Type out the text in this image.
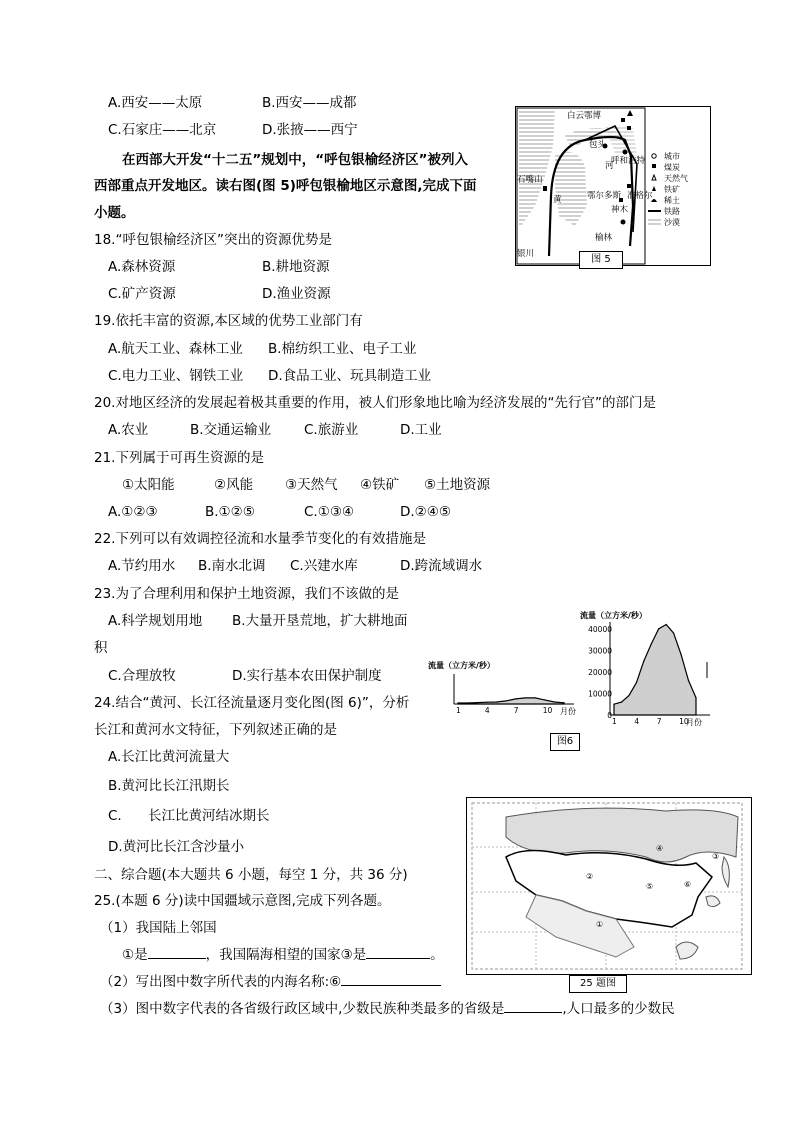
A.西安——太原	B.西安——成都
C.石家庄——北京	D.张掖——西宁
在西部大开发“十二五”规划中，“呼包银榆经济区”被列入
西部重点开发地区。读右图(图 5)呼包银榆地区示意图,完成下面
小题。
18.“呼包银榆经济区”突出的资源优势是
A.森林资源	B.耕地资源
C.矿产资源	D.渔业资源
19.依托丰富的资源,本区域的优势工业部门有
A.航天工业、森林工业 B.棉纺织工业、电子工业
C.电力工业、钢铁工业 D.食品工业、玩具制造工业
20.对地区经济的发展起着极其重要的作用，被人们形象地比喻为经济发展的“先行官”的部门是
A.农业	B.交通运输业 C.旅游业	D.工业
21.下列属于可再生资源的是
①太阳能	②风能 ③天然气 ④铁矿 ⑤土地资源
A.①②③	B.①②⑤	C.①③④	D.②④⑤
22.下列可以有效调控径流和水量季节变化的有效措施是
A.节约用水 B.南水北调 C.兴建水库	D.跨流域调水
23.为了合理利用和保护土地资源，我们不该做的是
A.科学规划用地 B.大量开垦荒地，扩大耕地面
积
C.合理放牧	D.实行基本农田保护制度
24.结合“黄河、长江径流量逐月变化图(图 6)”，分析
长江和黄河水文特征，下列叙述正确的是
A.长江比黄河流量大
B.黄河比长江汛期长
C. 长江比黄河结冰期长
D.黄河比长江含沙量小
二、综合题(本大题共 6 小题，每空 1 分，共 36 分)
25.(本题 6 分)读中国疆域示意图,完成下列各题。
（1）我国陆上邻国
①是	，我国隔海相望的国家③是	。
（2）写出图中数字所代表的内海名称:⑥
（3）图中数字代表的各省级行政区域中,少数民族种类最多的省级是	,人口最多的少数民
白云鄂博
包头
呼和浩特
石嘴山
河
黄	鄂尔多斯 准格尔
神木
银川
榆林
城市
煤炭
天然气
铁矿
稀土
铁路
沙漠
图 5
流量（立方米/秒）
1	4	7	10 月份
流量（立方米/秒）
1 4 7 10
0
10000
20000
30000
40000
月份
图6
④
②
⑤	⑥
③
①
25 题图
